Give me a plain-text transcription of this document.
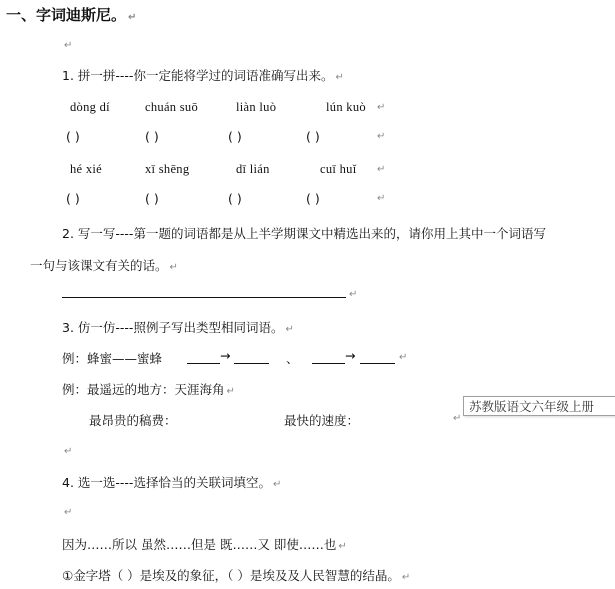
一、字词迪斯尼。 ↵
↵
1. 拼一拼----你一定能将学过的词语准确写出来。 ↵
dòng dí	chuán suō	liàn luò	lún kuò ↵
( )	( )	( )	( )	↵
hé xié	xī shēng	dī lián	cuī huǐ ↵
( )	( )	( )	( )	↵
2. 写一写----第一题的词语都是从上半学期课文中精选出来的，请你用上其中一个词语写
一句与该课文有关的话。 ↵
↵
3. 仿一仿----照例子写出类型相同词语。 ↵
例：蜂蜜——蜜蜂	→	、	→	↵
例：最遥远的地方：天涯海角 ↵
最昂贵的稿费：	最快的速度：	↵
苏教版语文六年级上册
↵
4. 选一选----选择恰当的关联词填空。 ↵
↵
因为……所以 虽然……但是 既……又 即使……也 ↵
①金字塔（ ）是埃及的象征，（ ）是埃及及人民智慧的结晶。 ↵
